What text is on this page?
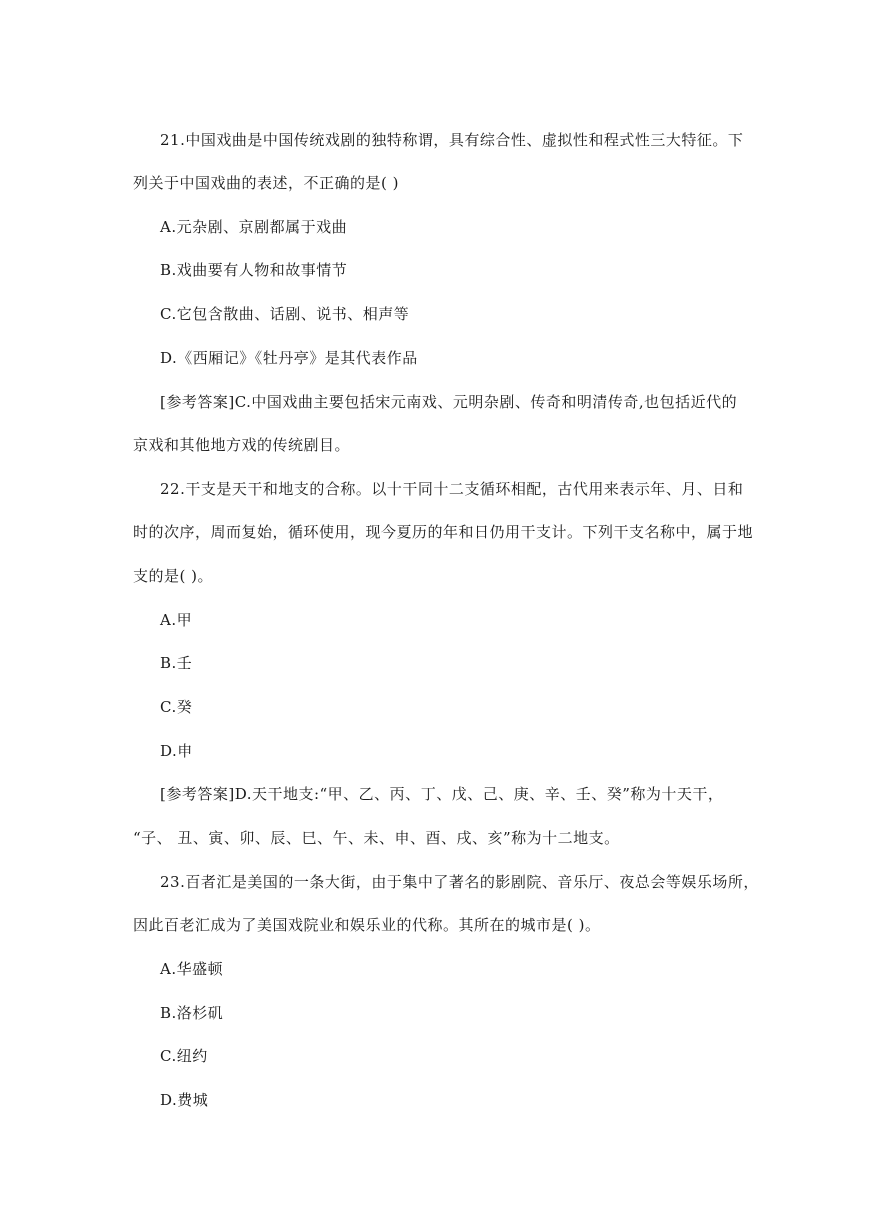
21.中国戏曲是中国传统戏剧的独特称谓，具有综合性、虚拟性和程式性三大特征。下
列关于中国戏曲的表述，不正确的是( )
A.元杂剧、京剧都属于戏曲
B.戏曲要有人物和故事情节
C.它包含散曲、话剧、说书、相声等
D.《西厢记》《牡丹亭》是其代表作品
[参考答案]C.中国戏曲主要包括宋元南戏、元明杂剧、传奇和明清传奇,也包括近代的
京戏和其他地方戏的传统剧目。
22.干支是天干和地支的合称。以十干同十二支循环相配，古代用来表示年、月、日和
时的次序，周而复始，循环使用，现今夏历的年和日仍用干支计。下列干支名称中，属于地
支的是( )。
A.甲
B.壬
C.癸
D.申
[参考答案]D.天干地支:“甲、乙、丙、丁、戊、己、庚、辛、壬、癸”称为十天干，
“子、 丑、寅、卯、辰、巳、午、未、申、酉、戌、亥”称为十二地支。
23.百者汇是美国的一条大街，由于集中了著名的影剧院、音乐厅、夜总会等娱乐场所，
因此百老汇成为了美国戏院业和娱乐业的代称。其所在的城市是( )。
A.华盛顿
B.洛杉矶
C.纽约
D.费城
